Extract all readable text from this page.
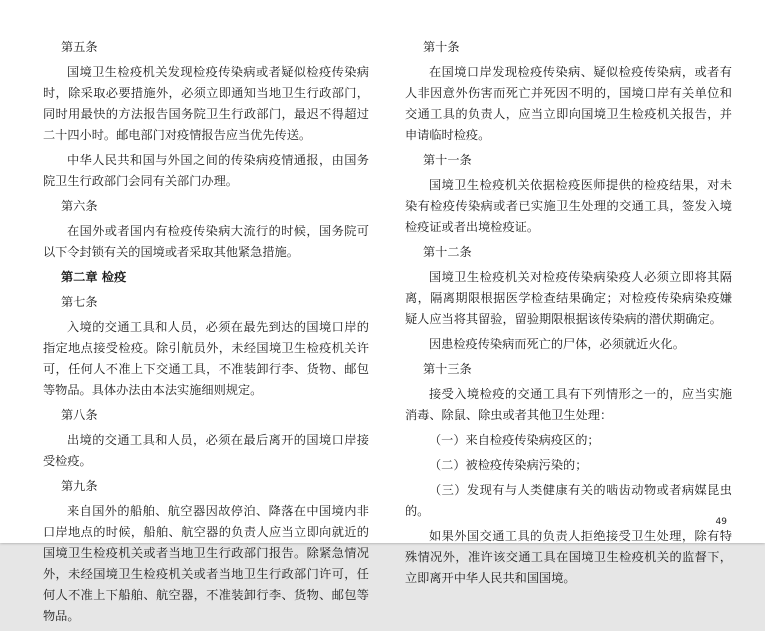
第五条
国境卫生检疫机关发现检疫传染病或者疑似检疫传染病时，除采取必要措施外，必须立即通知当地卫生行政部门，同时用最快的方法报告国务院卫生行政部门，最迟不得超过二十四小时。邮电部门对疫情报告应当优先传送。
中华人民共和国与外国之间的传染病疫情通报，由国务院卫生行政部门会同有关部门办理。
第六条
在国外或者国内有检疫传染病大流行的时候，国务院可以下令封锁有关的国境或者采取其他紧急措施。
第二章 检疫
第七条
入境的交通工具和人员，必须在最先到达的国境口岸的指定地点接受检疫。除引航员外，未经国境卫生检疫机关许可，任何人不准上下交通工具，不准装卸行李、货物、邮包等物品。具体办法由本法实施细则规定。
第八条
出境的交通工具和人员，必须在最后离开的国境口岸接受检疫。
第九条
来自国外的船舶、航空器因故停泊、降落在中国境内非口岸地点的时候，船舶、航空器的负责人应当立即向就近的国境卫生检疫机关或者当地卫生行政部门报告。除紧急情况外，未经国境卫生检疫机关或者当地卫生行政部门许可，任何人不准上下船舶、航空器，不准装卸行李、货物、邮包等物品。
第十条
在国境口岸发现检疫传染病、疑似检疫传染病，或者有人非因意外伤害而死亡并死因不明的，国境口岸有关单位和交通工具的负责人，应当立即向国境卫生检疫机关报告，并申请临时检疫。
第十一条
国境卫生检疫机关依据检疫医师提供的检疫结果，对未染有检疫传染病或者已实施卫生处理的交通工具，签发入境检疫证或者出境检疫证。
第十二条
国境卫生检疫机关对检疫传染病染疫人必须立即将其隔离，隔离期限根据医学检查结果确定；对检疫传染病染疫嫌疑人应当将其留验，留验期限根据该传染病的潜伏期确定。
因患检疫传染病而死亡的尸体，必须就近火化。
第十三条
接受入境检疫的交通工具有下列情形之一的，应当实施消毒、除鼠、除虫或者其他卫生处理：
（一）来自检疫传染病疫区的；
（二）被检疫传染病污染的；
（三）发现有与人类健康有关的啮齿动物或者病媒昆虫的。
如果外国交通工具的负责人拒绝接受卫生处理，除有特殊情况外，准许该交通工具在国境卫生检疫机关的监督下，立即离开中华人民共和国国境。
49
